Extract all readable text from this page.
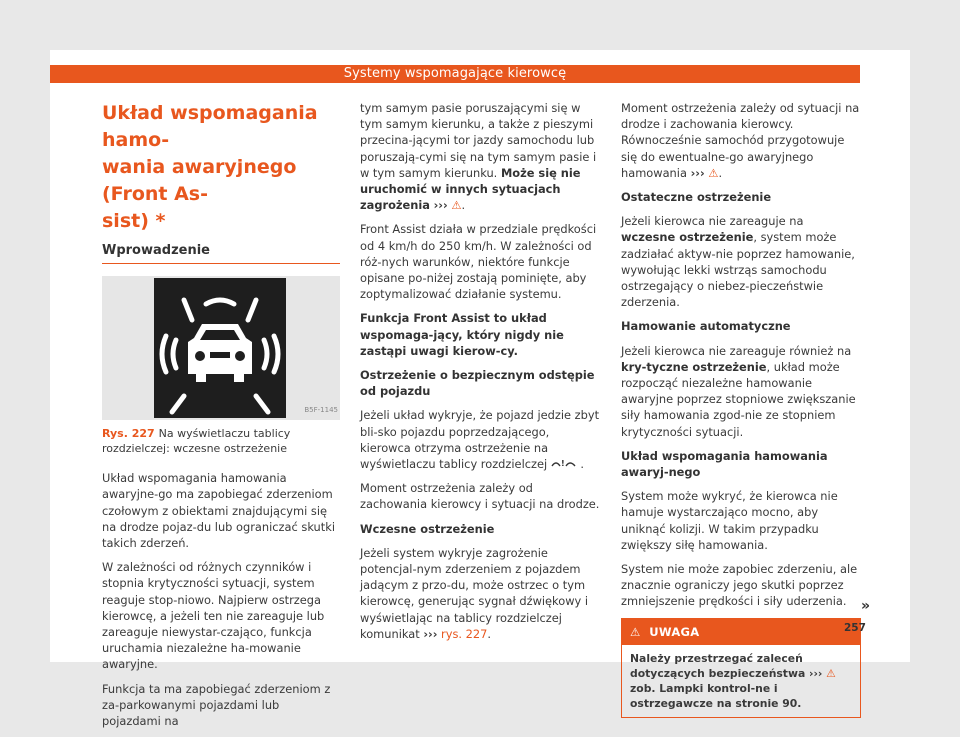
Systemy wspomagające kierowcę
Układ wspomagania hamo-
wania awaryjnego (Front As-
sist) *
Wprowadzenie
B5F-1145
Rys. 227 Na wyświetlaczu tablicy rozdzielczej: wczesne ostrzeżenie

Układ wspomagania hamowania awaryjne-go ma zapobiegać zderzeniom czołowym z obiektami znajdującymi się na drodze pojaz-du lub ograniczać skutki takich zderzeń.

W zależności od różnych czynników i stopnia krytyczności sytuacji, system reaguje stop-niowo. Najpierw ostrzega kierowcę, a jeżeli ten nie zareaguje lub zareaguje niewystar-czająco, funkcja uruchamia niezależne ha-mowanie awaryjne.

Funkcja ta ma zapobiegać zderzeniom z za-parkowanymi pojazdami lub pojazdami na

tym samym pasie poruszającymi się w tym samym kierunku, a także z pieszymi przecina-jącymi tor jazdy samochodu lub poruszają-cymi się na tym samym pasie i w tym samym kierunku. Może się nie uruchomić w innych sytuacjach zagrożenia ››› ⚠.

Front Assist działa w przedziale prędkości od 4 km/h do 250 km/h. W zależności od róż-nych warunków, niektóre funkcje opisane po-niżej zostają pominięte, aby zoptymalizować działanie systemu.

Funkcja Front Assist to układ wspomaga-jący, który nigdy nie zastąpi uwagi kierow-cy.

Ostrzeżenie o bezpiecznym odstępie od pojazdu

Jeżeli układ wykryje, że pojazd jedzie zbyt bli-sko pojazdu poprzedzającego, kierowca otrzyma ostrzeżenie na wyświetlaczu tablicy rozdzielczej ! .

Moment ostrzeżenia zależy od zachowania kierowcy i sytuacji na drodze.

Wczesne ostrzeżenie

Jeżeli system wykryje zagrożenie potencjal-nym zderzeniem z pojazdem jadącym z przo-du, może ostrzec o tym kierowcę, generując sygnał dźwiękowy i wyświetlając na tablicy rozdzielczej komunikat ››› rys. 227.

Moment ostrzeżenia zależy od sytuacji na drodze i zachowania kierowcy. Równocześnie samochód przygotowuje się do ewentualne-go awaryjnego hamowania ››› ⚠.

Ostateczne ostrzeżenie

Jeżeli kierowca nie zareaguje na wczesne ostrzeżenie, system może zadziałać aktyw-nie poprzez hamowanie, wywołując lekki wstrząs samochodu ostrzegający o niebez-pieczeństwie zderzenia.

Hamowanie automatyczne

Jeżeli kierowca nie zareaguje również na kry-tyczne ostrzeżenie, układ może rozpocząć niezależne hamowanie awaryjne poprzez stopniowe zwiększanie siły hamowania zgod-nie ze stopniem krytyczności sytuacji.

Układ wspomagania hamowania awaryj-nego

System może wykryć, że kierowca nie hamuje wystarczająco mocno, aby uniknąć kolizji. W takim przypadku zwiększy siłę hamowania.

System nie może zapobiec zderzeniu, ale znacznie ograniczy jego skutki poprzez zmniejszenie prędkości i siły uderzenia.

⚠ UWAGA
Należy przestrzegać zaleceń dotyczących bezpieczeństwa ››› ⚠ zob. Lampki kontrol-ne i ostrzegawcze na stronie 90.
»
257
